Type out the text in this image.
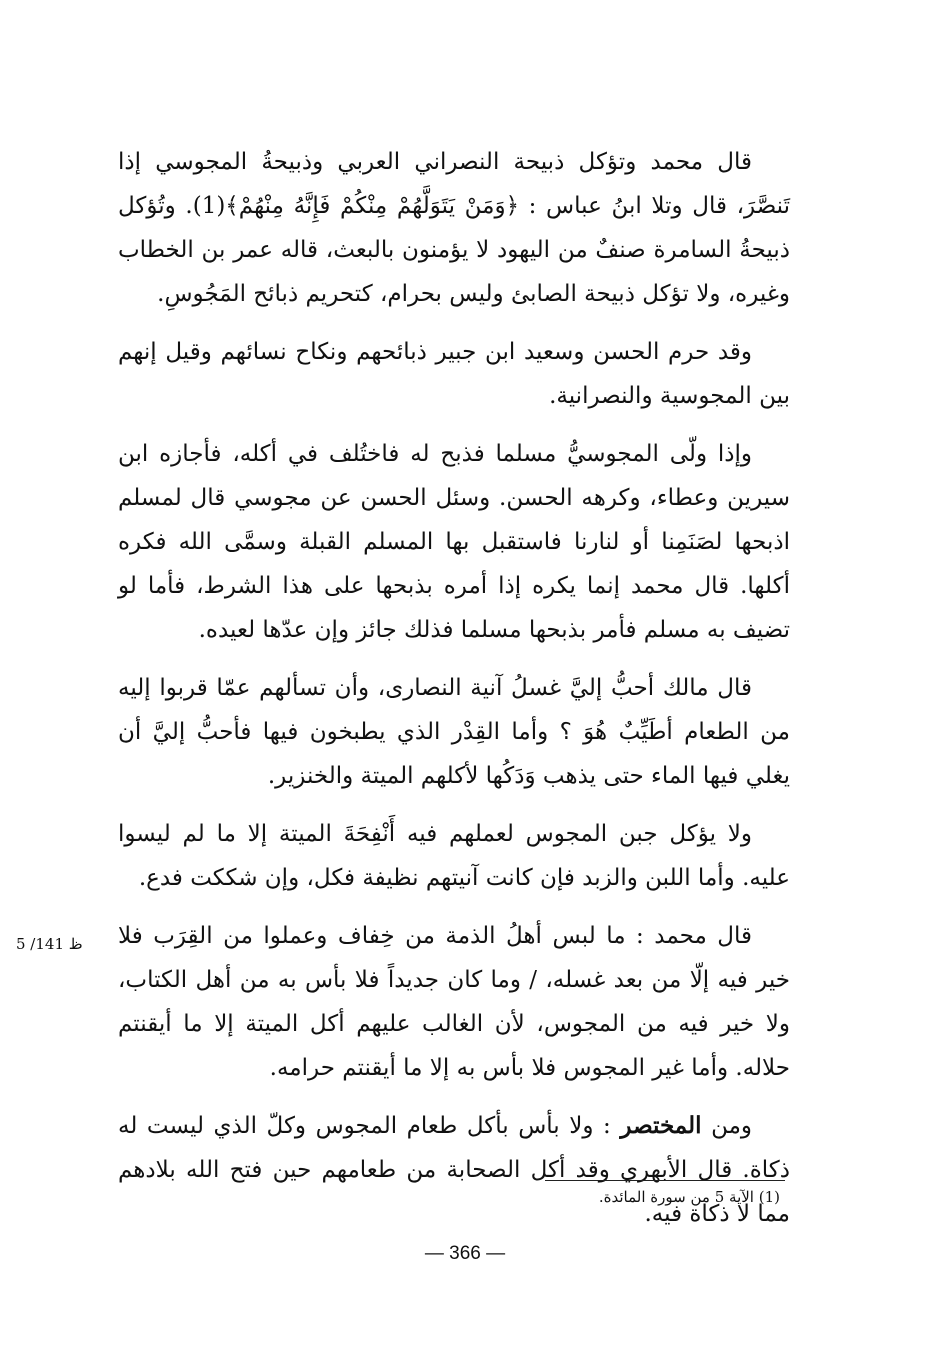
قال محمد وتؤكل ذبيحة النصراني العربي وذبيحةُ المجوسي إذا تَنصَّرَ، قال وتلا ابنُ عباس : ﴿وَمَنْ يَتَوَلَّهُمْ مِنْكُمْ فَإِنَّهُ مِنْهُمْ﴾(1). وتُؤكل ذبيحةُ السامرة صنفٌ من اليهود لا يؤمنون بالبعث، قاله عمر بن الخطاب وغيره، ولا تؤكل ذبيحة الصابئ وليس بحرام، كتحريم ذبائح المَجُوسِ.

وقد حرم الحسن وسعيد ابن جبير ذبائحهم ونكاح نسائهم وقيل إنهم بين المجوسية والنصرانية.

وإذا ولّى المجوسيُّ مسلما فذبح له فاختُلف في أكله، فأجازه ابن سيرين وعطاء، وكرهه الحسن. وسئل الحسن عن مجوسي قال لمسلم اذبحها لصَنَمِنا أو لنارنا فاستقبل بها المسلم القبلة وسمَّى الله فكره أكلها. قال محمد إنما يكره إذا أمره بذبحها على هذا الشرط، فأما لو تضيف به مسلم فأمر بذبحها مسلما فذلك جائز وإن عدّها لعيده.

قال مالك أحبُّ إليَّ غسلُ آنية النصارى، وأن تسألهم عمّا قربوا إليه من الطعام أطَيِّبٌ هُوَ ؟ وأما القِدْر الذي يطبخون فيها فأحبُّ إليَّ أن يغلي فيها الماء حتى يذهب وَدَكُها لأكلهم الميتة والخنزير.

ولا يؤكل جبن المجوس لعملهم فيه أَنْفِحَةَ الميتة إلا ما لم ليسوا عليه. وأما اللبن والزبد فإن كانت آنيتهم نظيفة فكل، وإن شككت فدع.

قال محمد : ما لبس أهلُ الذمة من خِفاف وعملوا من القِرَب فلا خير فيه إلّا من بعد غسله، / وما كان جديداً فلا بأس به من أهل الكتاب، ولا خير فيه من المجوس، لأن الغالب عليهم أكل الميتة إلا ما أيقنتم حلاله. وأما غير المجوس فلا بأس به إلا ما أيقنتم حرامه.

ومن المختصر : ولا بأس بأكل طعام المجوس وكلّ الذي ليست له ذكاة. قال الأبهري وقد أكل الصحابة من طعامهم حين فتح الله بلادهم مما لا ذكاة فيه.

5 /141 ظ
(1) الآية 5 من سورة المائدة.
— 366 —
